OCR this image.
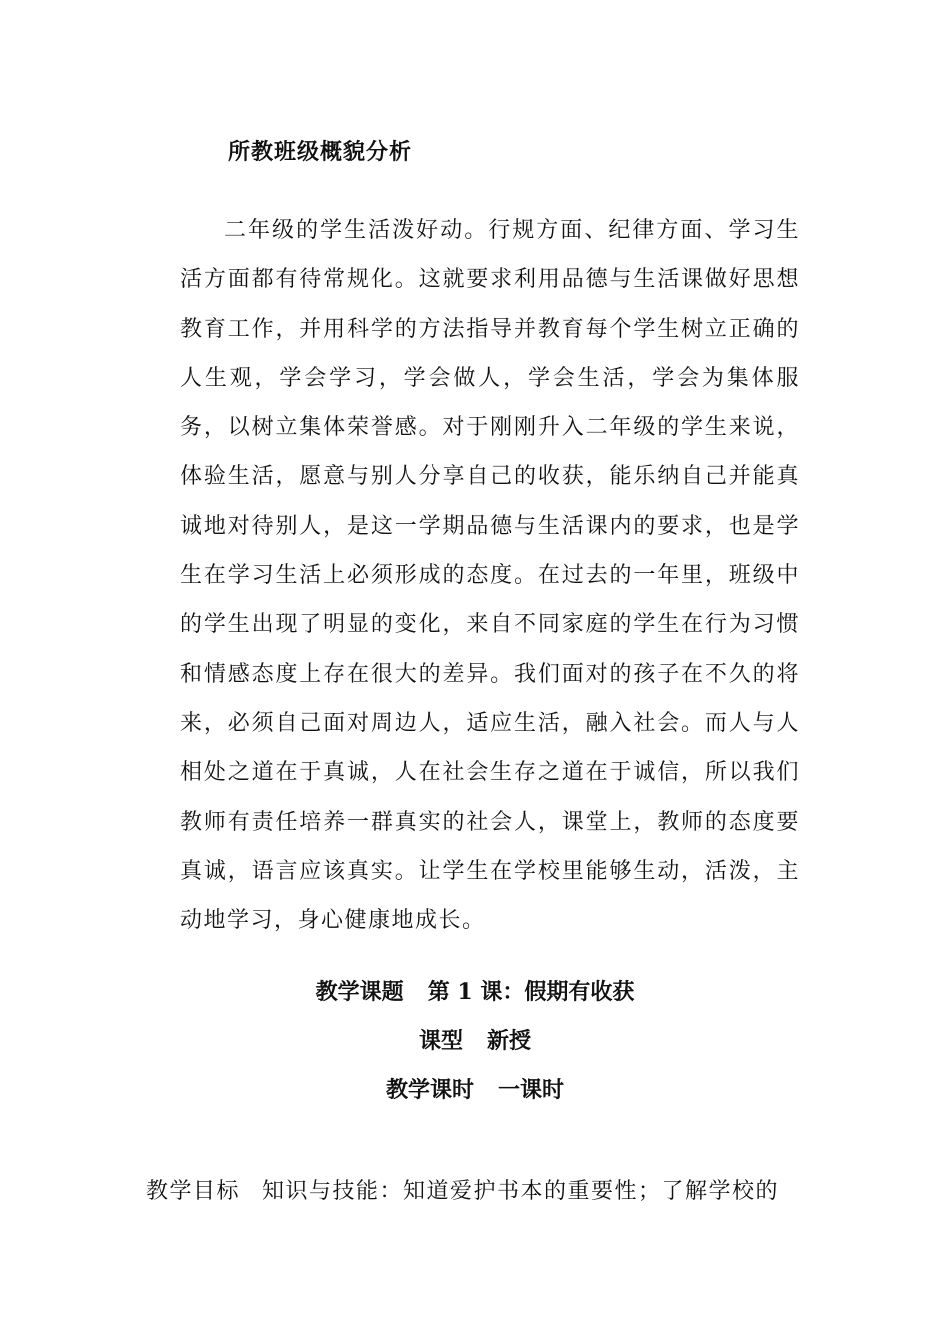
所教班级概貌分析

二年级的学生活泼好动。行规方面、纪律方面、学习生活方面都有待常规化。这就要求利用品德与生活课做好思想教育工作，并用科学的方法指导并教育每个学生树立正确的人生观，学会学习，学会做人，学会生活，学会为集体服务，以树立集体荣誉感。对于刚刚升入二年级的学生来说，体验生活，愿意与别人分享自己的收获，能乐纳自己并能真诚地对待别人，是这一学期品德与生活课内的要求，也是学生在学习生活上必须形成的态度。在过去的一年里，班级中的学生出现了明显的变化，来自不同家庭的学生在行为习惯和情感态度上存在很大的差异。我们面对的孩子在不久的将来，必须自己面对周边人，适应生活，融入社会。而人与人相处之道在于真诚，人在社会生存之道在于诚信，所以我们教师有责任培养一群真实的社会人，课堂上，教师的态度要真诚，语言应该真实。让学生在学校里能够生动，活泼，主动地学习，身心健康地成长。

教学课题 第 1 课：假期有收获

课型 新授

教学课时 一课时

教学目标 知识与技能：知道爱护书本的重要性；了解学校的
